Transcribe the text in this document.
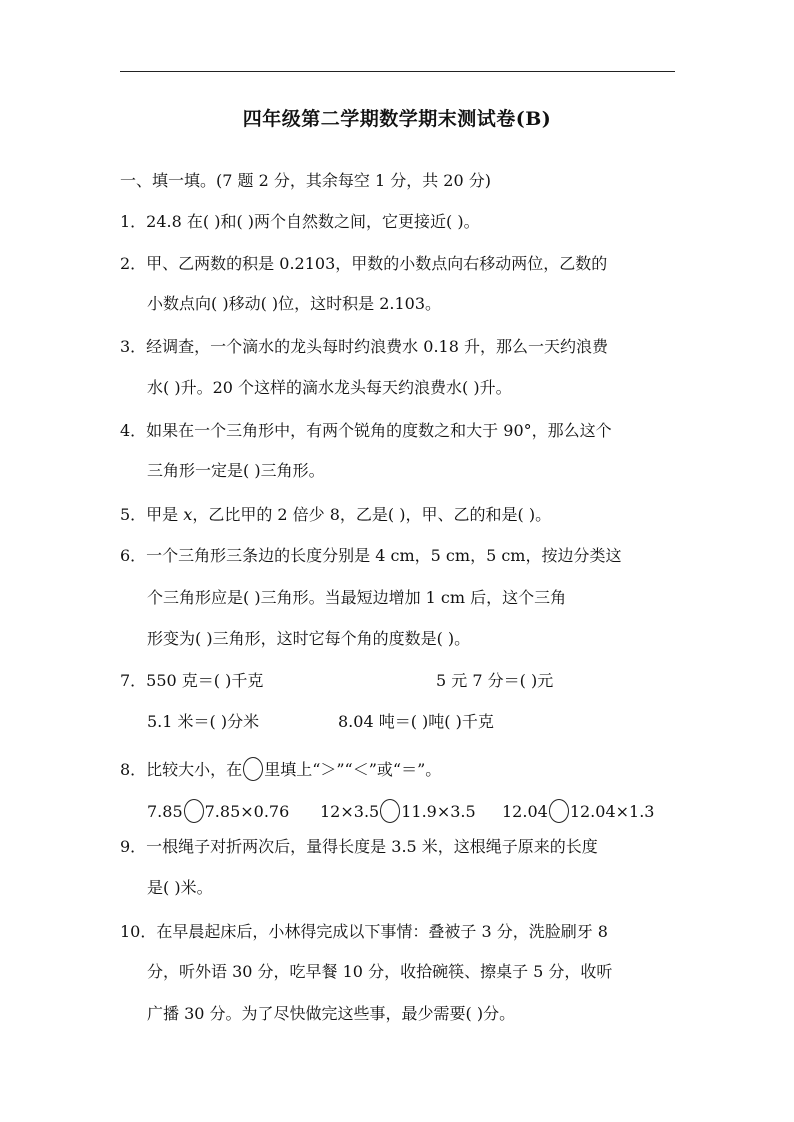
四年级第二学期数学期末测试卷(B)
一、填一填。(7 题 2 分，其余每空 1 分，共 20 分)
1．24.8 在( )和( )两个自然数之间，它更接近( )。
2．甲、乙两数的积是 0.2103，甲数的小数点向右移动两位，乙数的
小数点向( )移动( )位，这时积是 2.103。
3．经调查，一个滴水的龙头每时约浪费水 0.18 升，那么一天约浪费
水( )升。20 个这样的滴水龙头每天约浪费水( )升。
4．如果在一个三角形中，有两个锐角的度数之和大于 90°，那么这个
三角形一定是( )三角形。
5．甲是 x，乙比甲的 2 倍少 8，乙是( )，甲、乙的和是( )。
6．一个三角形三条边的长度分别是 4 cm，5 cm，5 cm，按边分类这
个三角形应是( )三角形。当最短边增加 1 cm 后，这个三角
形变为( )三角形，这时它每个角的度数是( )。
7．550 克＝( )千克	5 元 7 分＝( )元
5.1 米＝( )分米	8.04 吨＝( )吨( )千克
8．比较大小，在 里填上“＞”“＜”或“＝”。
7.85 7.85×0.76 12×3.5 11.9×3.5 12.04 12.04×1.3
9．一根绳子对折两次后，量得长度是 3.5 米，这根绳子原来的长度
是( )米。
10．在早晨起床后，小林得完成以下事情：叠被子 3 分，洗脸刷牙 8
分，听外语 30 分，吃早餐 10 分，收拾碗筷、擦桌子 5 分，收听
广播 30 分。为了尽快做完这些事，最少需要( )分。
